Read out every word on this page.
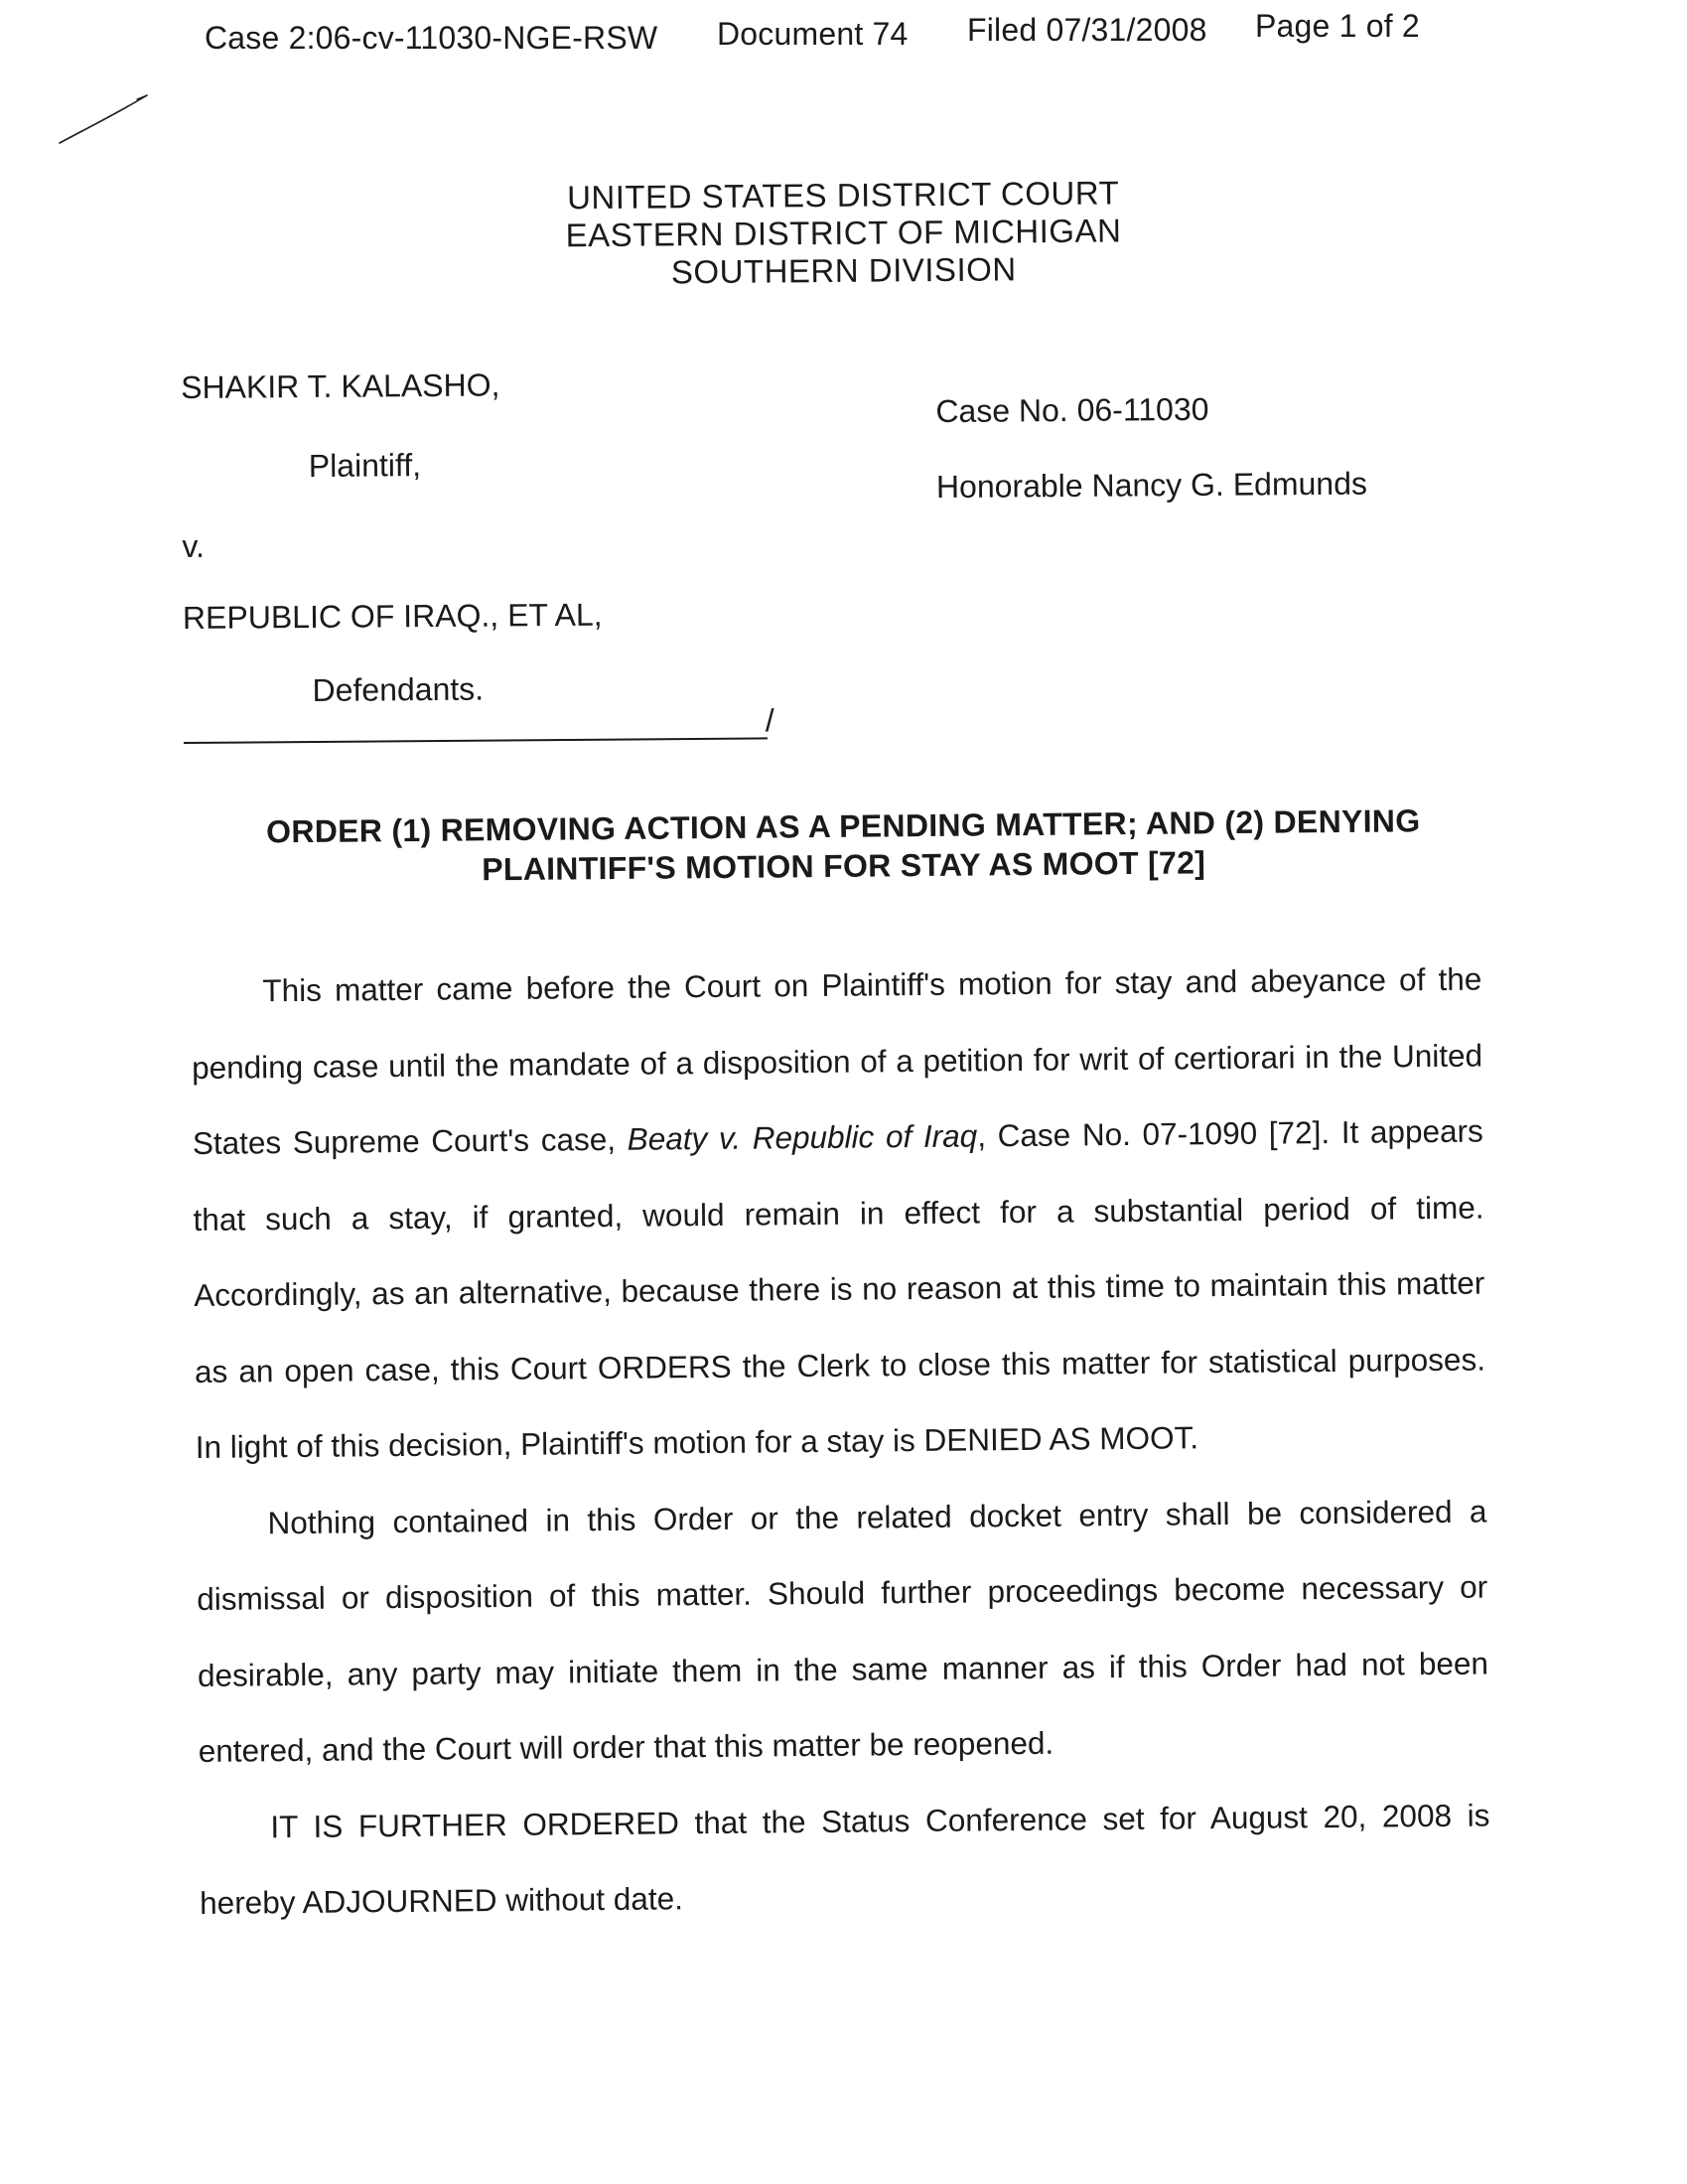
Case 2:06-cv-11030-NGE-RSW Document 74 Filed 07/31/2008 Page 1 of 2
UNITED STATES DISTRICT COURT
EASTERN DISTRICT OF MICHIGAN
SOUTHERN DIVISION
SHAKIR T. KALASHO,
Plaintiff,
v.
REPUBLIC OF IRAQ., ET AL,
Defendants.
/
Case No. 06-11030
Honorable Nancy G. Edmunds
ORDER (1) REMOVING ACTION AS A PENDING MATTER; AND (2) DENYING
PLAINTIFF'S MOTION FOR STAY AS MOOT [72]

This matter came before the Court on Plaintiff's motion for stay and abeyance of the pending case until the mandate of a disposition of a petition for writ of certiorari in the United States Supreme Court's case, Beaty v. Republic of Iraq, Case No. 07-1090 [72]. It appears that such a stay, if granted, would remain in effect for a substantial period of time. Accordingly, as an alternative, because there is no reason at this time to maintain this matter as an open case, this Court ORDERS the Clerk to close this matter for statistical purposes. In light of this decision, Plaintiff's motion for a stay is DENIED AS MOOT.

Nothing contained in this Order or the related docket entry shall be considered a dismissal or disposition of this matter. Should further proceedings become necessary or desirable, any party may initiate them in the same manner as if this Order had not been entered, and the Court will order that this matter be reopened.

IT IS FURTHER ORDERED that the Status Conference set for August 20, 2008 is hereby ADJOURNED without date.
